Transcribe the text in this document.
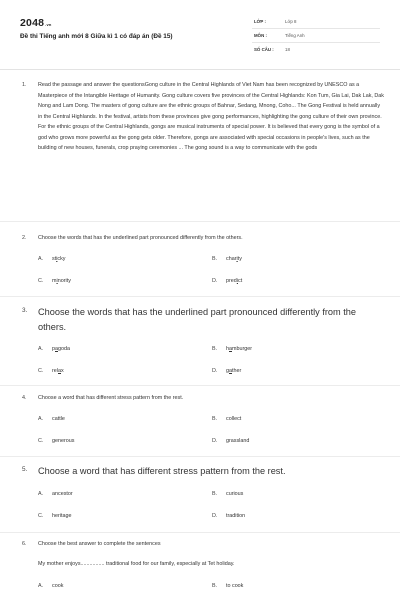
2048.vn
Đề thi Tiếng anh mới 8 Giữa kì 1 có đáp án (Đề 15)
LỚP :	Lớp 8
MÔN :	Tiếng Anh
SỐ CÂU :	18
1. Read the passage and answer the questionsGong culture in the Central Highlands of Viet Nam has been recognized by UNESCO as a Masterpiece of the Intangible Heritage of Humanity. Gong culture covers five provinces of the Central Highlands: Kon Tum, Gia Lai, Dak Lak, Dak Nong and Lam Dong. The masters of gong culture are the ethnic groups of Bahnar, Sedang, Mnong, Coho... The Gong Festival is held annually in the Central Highlands. In the festival, artists from these provinces give gong performances, highlighting the gong culture of their own province. For the ethnic groups of the Central Highlands, gongs are musical instruments of special power. It is believed that every gong is the symbol of a god who grows more powerful as the gong gets older. Therefore, gongs are associated with special occasions in people's lives, such as the building of new houses, funerals, crop praying ceremonies ... The gong sound is a way to communicate with the gods
2. Choose the words that has the underlined part pronounced differently from the others.
A. sticky	B. charity
C. minority	D. predict
3. Choose the words that has the underlined part pronounced differently from the others.
A. pagoda	B. hamburger
C. relax	D. gather
4. Choose a word that has different stress pattern from the rest.
A. cattle	B. collect
C. generous	D. grassland
5. Choose a word that has different stress pattern from the rest.
A. ancestor	B. curious
C. heritage	D. tradition
6. Choose the best answer to complete the sentences
My mother enjoys................ traditional food for our family, especially at Tet holiday.
A. cook	B. to cook
